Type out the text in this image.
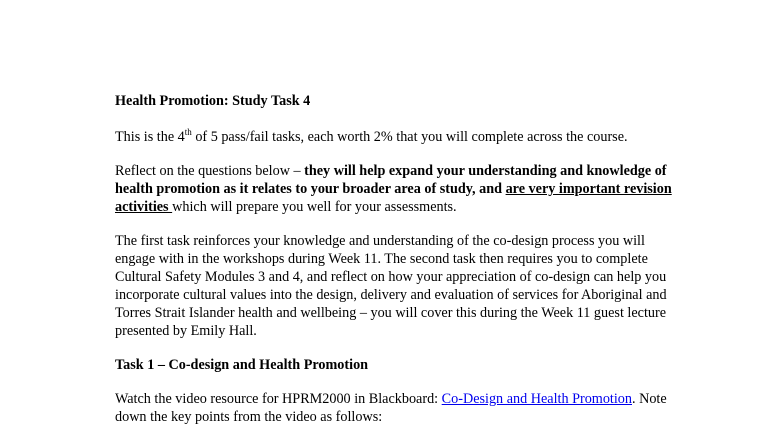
Health Promotion: Study Task 4

This is the 4th of 5 pass/fail tasks, each worth 2% that you will complete across the course.

Reflect on the questions below – they will help expand your understanding and knowledge of health promotion as it relates to your broader area of study, and are very important revision activities which will prepare you well for your assessments.

The first task reinforces your knowledge and understanding of the co-design process you will engage with in the workshops during Week 11. The second task then requires you to complete Cultural Safety Modules 3 and 4, and reflect on how your appreciation of co-design can help you incorporate cultural values into the design, delivery and evaluation of services for Aboriginal and Torres Strait Islander health and wellbeing – you will cover this during the Week 11 guest lecture presented by Emily Hall.

Task 1 – Co-design and Health Promotion

Watch the video resource for HPRM2000 in Blackboard: Co-Design and Health Promotion. Note down the key points from the video as follows:
